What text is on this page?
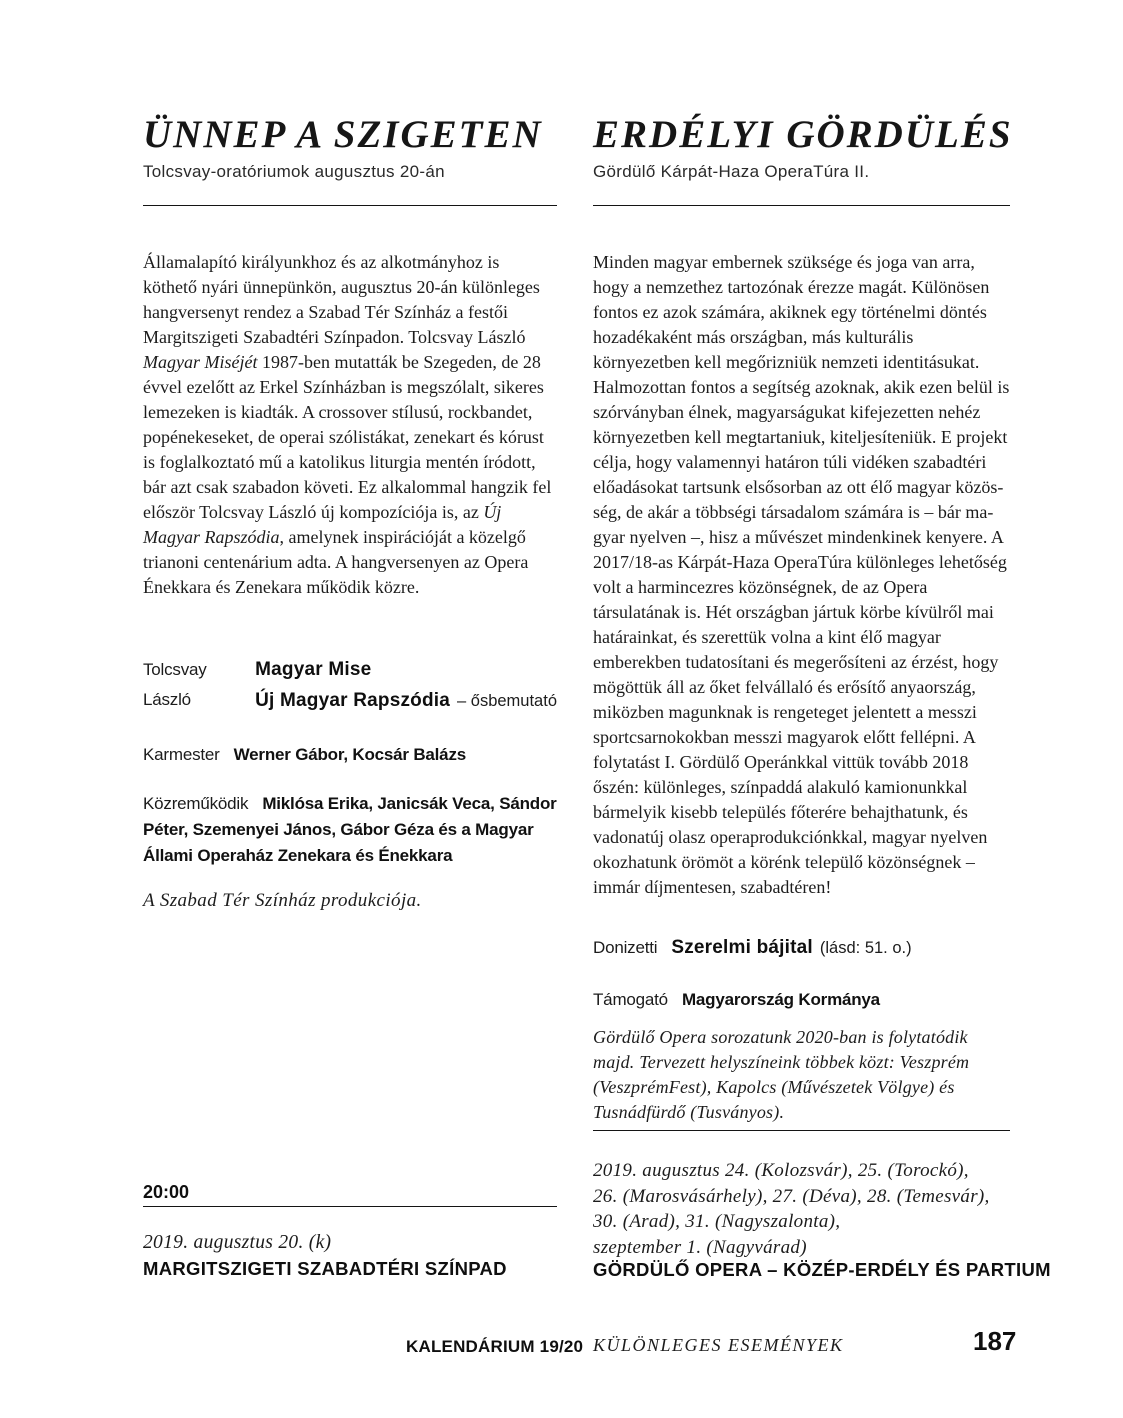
ÜNNEP A SZIGETEN
Tolcsvay-oratóriumok augusztus 20-án

Államalapító királyunkhoz és az alkotmányhoz is köthető nyári ünnepünkön, augusztus 20-án különleges hangversenyt rendez a Szabad Tér Színház a festői Margitszigeti Szabadtéri Színpadon. Tolcsvay László Magyar Miséjét 1987-ben mutatták be Szegeden, de 28 évvel ezelőtt az Erkel Színházban is megszólalt, sikeres lemezeken is kiadták. A crossover stílusú, rockbandet, popénekeseket, de operai szólistákat, zenekart és kórust is foglalkoztató mű a katolikus liturgia mentén íródott, bár azt csak szabadon követi. Ez alkalommal hangzik fel először Tolcsvay László új kompozíciója is, az Új Magyar Rapszódia, amelynek inspirációját a közelgő trianoni centenárium adta. A hangversenyen az Opera Énekkara és Zenekara működik közre.

Tolcsvay László
Magyar Mise
Új Magyar Rapszódia – ősbemutató
Karmester Werner Gábor, Kocsár Balázs

Közreműködik Miklósa Erika, Janicsák Veca, Sándor Péter, Szemenyei János, Gábor Géza és a Magyar Állami Operaház Zenekara és Énekkara

A Szabad Tér Színház produkciója.
20:00
2019. augusztus 20. (k)
MARGITSZIGETI SZABADTÉRI SZÍNPAD
ERDÉLYI GÖRDÜLÉS
Gördülő Kárpát-Haza OperaTúra II.

Minden magyar embernek szüksége és joga van arra, hogy a nemzethez tartozónak érezze magát. Különösen fontos ez azok számára, akiknek egy történelmi döntés hozadékaként más országban, más kulturális környezetben kell megőrizniük nemzeti identitásukat. Halmozottan fontos a segítség azoknak, akik ezen belül is szórványban élnek, magyarságukat kifejezetten nehéz környezetben kell megtartaniuk, kiteljesíteniük. E projekt célja, hogy valamennyi határon túli vidéken szabadtéri előadásokat tartsunk elsősorban az ott élő magyar közösség, de akár a többségi társadalom számára is – bár magyar nyelven –, hisz a művészet mindenkinek kenyere. A 2017/18-as Kárpát-Haza OperaTúra különleges lehetőség volt a harmincezres közönségnek, de az Opera társulatának is. Hét országban jártuk körbe kívülről mai határainkat, és szerettük volna a kint élő magyar emberekben tudatosítani és megerősíteni az érzést, hogy mögöttük áll az őket felvállaló és erősítő anyaország, miközben magunknak is rengeteget jelentett a messzi sportcsarnokokban messzi magyarok előtt fellépni. A folytatást I. Gördülő Operánkkal vittük tovább 2018 őszén: különleges, színpaddá alakuló kamionunkkal bármelyik kisebb település főterére behajthatunk, és vadonatúj olasz operaprodukciónkkal, magyar nyelven okozhatunk örömöt a körénk települő közönségnek – immár díjmentesen, szabadtéren!

Donizetti Szerelmi bájital (lásd: 51. o.)
Támogató Magyarország Kormánya
Gördülő Opera sorozatunk 2020-ban is folytatódik majd. Tervezett helyszíneink többek közt: Veszprém (VeszprémFest), Kapolcs (Művészetek Völgye) és Tusnádfürdő (Tusványos).
2019. augusztus 24. (Kolozsvár), 25. (Torockó),
26. (Marosvásárhely), 27. (Déva), 28. (Temesvár),
30. (Arad), 31. (Nagyszalonta),
szeptember 1. (Nagyvárad)
GÖRDÜLŐ OPERA – KÖZÉP-ERDÉLY ÉS PARTIUM
KALENDÁRIUM 19/20 KÜLÖNLEGES ESEMÉNYEK	187
